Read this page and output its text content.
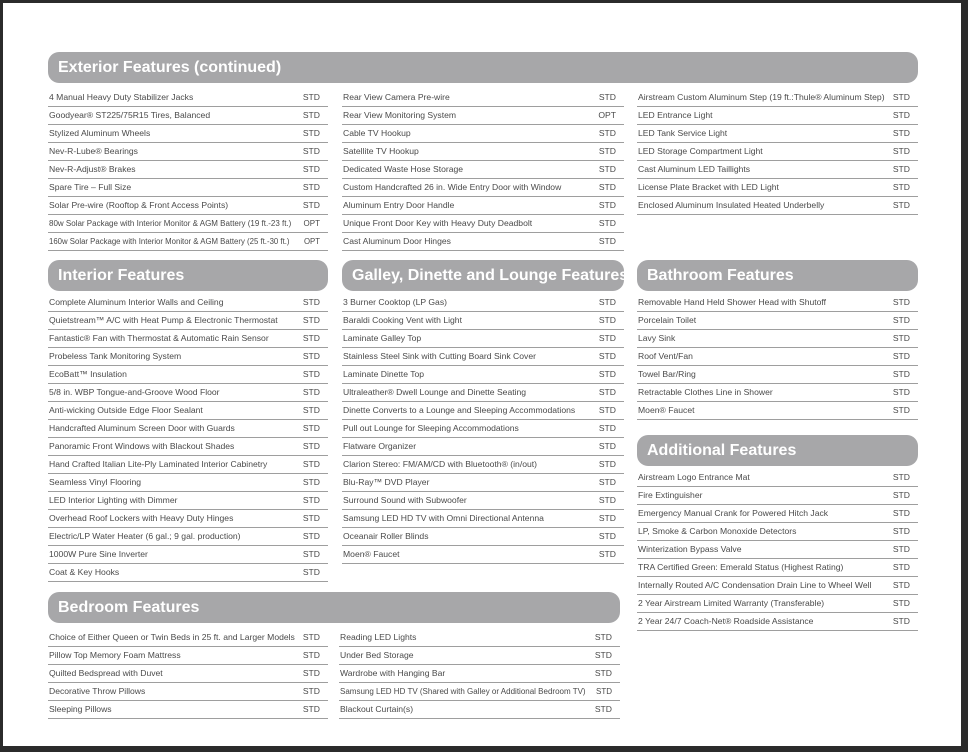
Exterior Features (continued)
4 Manual Heavy Duty Stabilizer Jacks	STD
Goodyear® ST225/75R15 Tires, Balanced	STD
Stylized Aluminum Wheels	STD
Nev-R-Lube® Bearings	STD
Nev-R-Adjust® Brakes	STD
Spare Tire – Full Size	STD
Solar Pre-wire (Rooftop & Front Access Points)	STD
80w Solar Package with Interior Monitor & AGM Battery (19 ft.-23 ft.) OPT
160w Solar Package with Interior Monitor & AGM Battery (25 ft.-30 ft.) OPT
Rear View Camera Pre-wire	STD
Rear View Monitoring System	OPT
Cable TV Hookup	STD
Satellite TV Hookup	STD
Dedicated Waste Hose Storage	STD
Custom Handcrafted 26 in. Wide Entry Door with Window	STD
Aluminum Entry Door Handle	STD
Unique Front Door Key with Heavy Duty Deadbolt	STD
Cast Aluminum Door Hinges	STD
Airstream Custom Aluminum Step (19 ft.:Thule® Aluminum Step) STD
LED Entrance Light	STD
LED Tank Service Light	STD
LED Storage Compartment Light	STD
Cast Aluminum LED Taillights	STD
License Plate Bracket with LED Light	STD
Enclosed Aluminum Insulated Heated Underbelly	STD
Interior Features
Complete Aluminum Interior Walls and Ceiling	STD
Quietstream™ A/C with Heat Pump & Electronic Thermostat	STD
Fantastic® Fan with Thermostat & Automatic Rain Sensor	STD
Probeless Tank Monitoring System	STD
EcoBatt™ Insulation	STD
5/8 in. WBP Tongue-and-Groove Wood Floor	STD
Anti-wicking Outside Edge Floor Sealant	STD
Handcrafted Aluminum Screen Door with Guards	STD
Panoramic Front Windows with Blackout Shades	STD
Hand Crafted Italian Lite-Ply Laminated Interior Cabinetry	STD
Seamless Vinyl Flooring	STD
LED Interior Lighting with Dimmer	STD
Overhead Roof Lockers with Heavy Duty Hinges	STD
Electric/LP Water Heater (6 gal.; 9 gal. production)	STD
1000W Pure Sine Inverter	STD
Coat & Key Hooks	STD
Galley, Dinette and Lounge Features
3 Burner Cooktop (LP Gas)	STD
Baraldi Cooking Vent with Light	STD
Laminate Galley Top	STD
Stainless Steel Sink with Cutting Board Sink Cover	STD
Laminate Dinette Top	STD
Ultraleather® Dwell Lounge and Dinette Seating	STD
Dinette Converts to a Lounge and Sleeping Accommodations	STD
Pull out Lounge for Sleeping Accommodations	STD
Flatware Organizer	STD
Clarion Stereo: FM/AM/CD with Bluetooth® (in/out)	STD
Blu-Ray™ DVD Player	STD
Surround Sound with Subwoofer	STD
Samsung LED HD TV with Omni Directional Antenna	STD
Oceanair Roller Blinds	STD
Moen® Faucet	STD
Bathroom Features
Removable Hand Held Shower Head with Shutoff	STD
Porcelain Toilet	STD
Lavy Sink	STD
Roof Vent/Fan	STD
Towel Bar/Ring	STD
Retractable Clothes Line in Shower	STD
Moen® Faucet	STD
Additional Features
Airstream Logo Entrance Mat	STD
Fire Extinguisher	STD
Emergency Manual Crank for Powered Hitch Jack	STD
LP, Smoke & Carbon Monoxide Detectors	STD
Winterization Bypass Valve	STD
TRA Certified Green: Emerald Status (Highest Rating)	STD
Internally Routed A/C Condensation Drain Line to Wheel Well STD
2 Year Airstream Limited Warranty (Transferable)	STD
2 Year 24/7 Coach-Net® Roadside Assistance	STD
Bedroom Features
Choice of Either Queen or Twin Beds in 25 ft. and Larger Models STD
Pillow Top Memory Foam Mattress	STD
Quilted Bedspread with Duvet	STD
Decorative Throw Pillows	STD
Sleeping Pillows	STD
Reading LED Lights	STD
Under Bed Storage	STD
Wardrobe with Hanging Bar	STD
Samsung LED HD TV (Shared with Galley or Additional Bedroom TV) STD
Blackout Curtain(s)	STD
